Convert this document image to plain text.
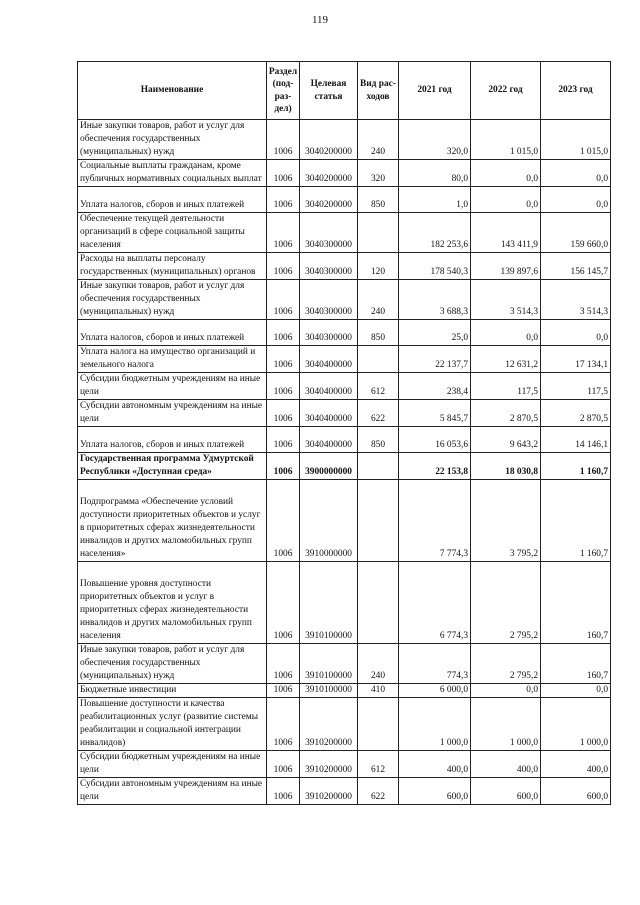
119
Наименование	Раздел (под- раз- дел)	Целевая статья	Вид рас- ходов	2021 год	2022 год	2023 год
Иные закупки товаров, работ и услуг для обеспечения государственных (муниципальных) нужд	1006	3040200000	240	320,0	1 015,0	1 015,0
Социальные выплаты гражданам, кроме публичных нормативных социальных выплат	1006	3040200000	320	80,0	0,0	0,0
Уплата налогов, сборов и иных платежей	1006	3040200000	850	1,0	0,0	0,0
Обеспечение текущей деятельности организаций в сфере социальной защиты населения	1006	3040300000		182 253,6	143 411,9	159 660,0
Расходы на выплаты персоналу государственных (муниципальных) органов	1006	3040300000	120	178 540,3	139 897,6	156 145,7
Иные закупки товаров, работ и услуг для обеспечения государственных (муниципальных) нужд	1006	3040300000	240	3 688,3	3 514,3	3 514,3
Уплата налогов, сборов и иных платежей	1006	3040300000	850	25,0	0,0	0,0
Уплата налога на имущество организаций и земельного налога	1006	3040400000		22 137,7	12 631,2	17 134,1
Субсидии бюджетным учреждениям на иные цели	1006	3040400000	612	238,4	117,5	117,5
Субсидии автономным учреждениям на иные цели	1006	3040400000	622	5 845,7	2 870,5	2 870,5
Уплата налогов, сборов и иных платежей	1006	3040400000	850	16 053,6	9 643,2	14 146,1
Государственная программа Удмуртской Республики «Доступная среда»	1006	3900000000		22 153,8	18 030,8	1 160,7
Подпрограмма «Обеспечение условий доступности приоритетных объектов и услуг в приоритетных сферах жизнедеятельности инвалидов и других маломобильных групп населения»	1006	3910000000		7 774,3	3 795,2	1 160,7
Повышение уровня доступности приоритетных объектов и услуг в приоритетных сферах жизнедеятельности инвалидов и других маломобильных групп населения	1006	3910100000		6 774,3	2 795,2	160,7
Иные закупки товаров, работ и услуг для обеспечения государственных (муниципальных) нужд	1006	3910100000	240	774,3	2 795,2	160,7
Бюджетные инвестиции	1006	3910100000	410	6 000,0	0,0	0,0
Повышение доступности и качества реабилитационных услуг (развитие системы реабилитации и социальной интеграции инвалидов)	1006	3910200000		1 000,0	1 000,0	1 000,0
Субсидии бюджетным учреждениям на иные цели	1006	3910200000	612	400,0	400,0	400,0
Субсидии автономным учреждениям на иные цели	1006	3910200000	622	600,0	600,0	600,0
